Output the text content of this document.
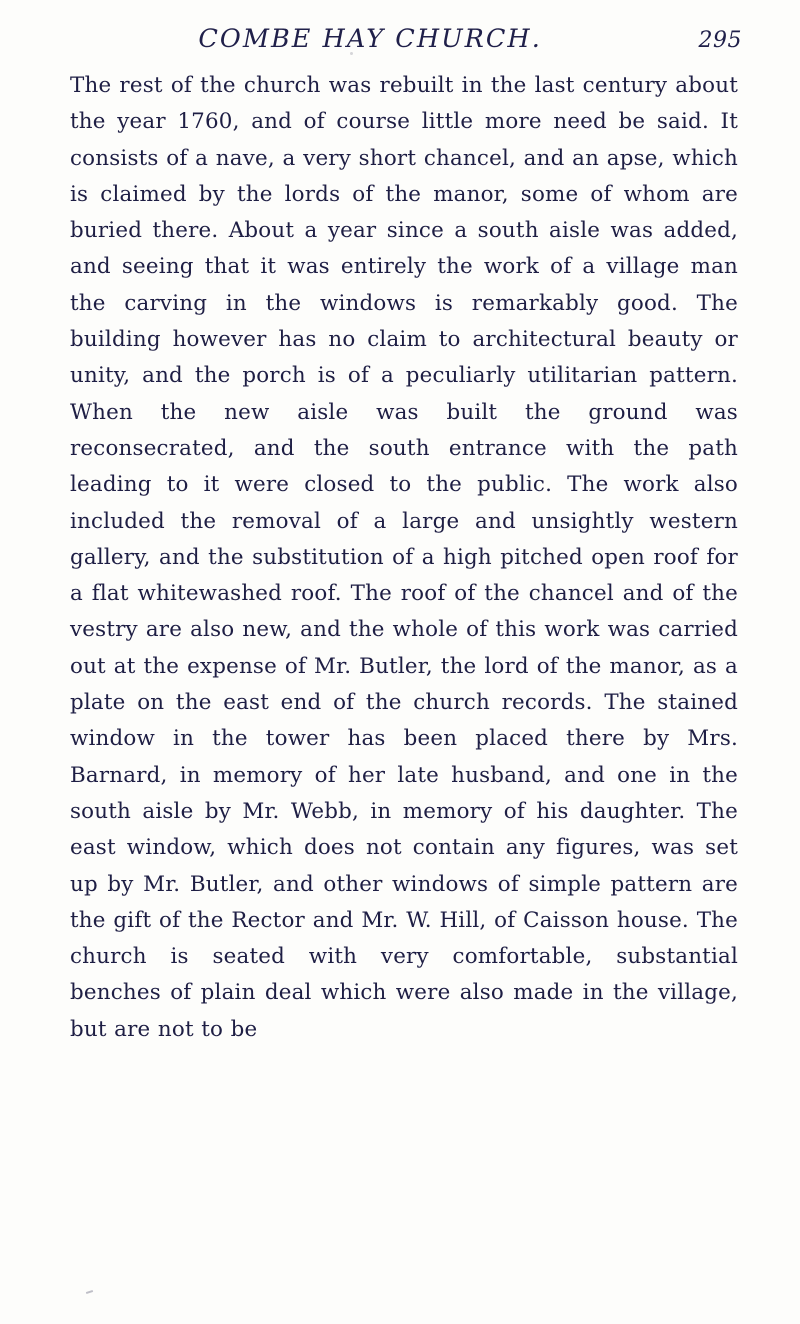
COMBE HAY CHURCH.	295

The rest of the church was rebuilt in the last century about the year 1760, and of course little more need be said. It consists of a nave, a very short chancel, and an apse, which is claimed by the lords of the manor, some of whom are buried there. About a year since a south aisle was added, and seeing that it was entirely the work of a village man the carving in the windows is remarkably good. The building however has no claim to architectural beauty or unity, and the porch is of a peculiarly utilitarian pattern. When the new aisle was built the ground was reconsecrated, and the south entrance with the path leading to it were closed to the public. The work also included the removal of a large and unsightly western gallery, and the substitution of a high pitched open roof for a flat whitewashed roof. The roof of the chancel and of the vestry are also new, and the whole of this work was carried out at the expense of Mr. Butler, the lord of the manor, as a plate on the east end of the church records. The stained window in the tower has been placed there by Mrs. Barnard, in memory of her late husband, and one in the south aisle by Mr. Webb, in memory of his daughter. The east window, which does not contain any figures, was set up by Mr. Butler, and other windows of simple pattern are the gift of the Rector and Mr. W. Hill, of Caisson house. The church is seated with very comfortable, substantial benches of plain deal which were also made in the village, but are not to be
